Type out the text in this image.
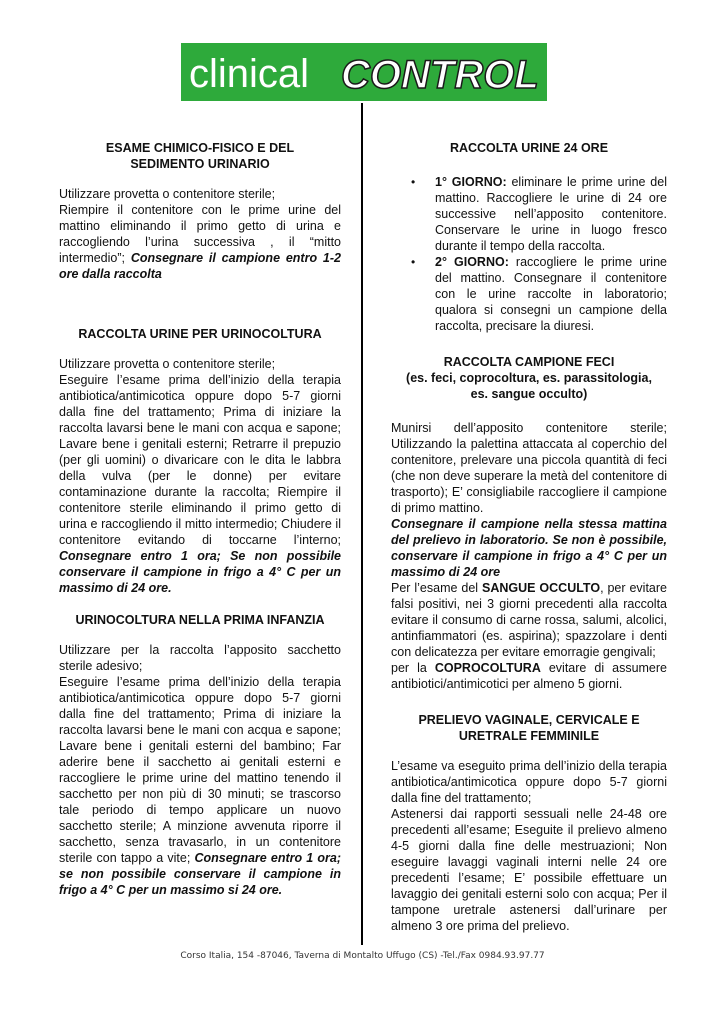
clinical CONTROL

ESAME CHIMICO-FISICO E DEL SEDIMENTO URINARIO

Utilizzare provetta o contenitore sterile;

Riempire il contenitore con le prime urine del mattino eliminando il primo getto di urina e raccogliendo l’urina successiva , il “mitto intermedio”; Consegnare il campione entro 1-2 ore dalla raccolta

RACCOLTA URINE PER URINOCOLTURA

Utilizzare provetta o contenitore sterile;

Eseguire l’esame prima dell’inizio della terapia antibiotica/antimicotica oppure dopo 5-7 giorni dalla fine del trattamento; Prima di iniziare la raccolta lavarsi bene le mani con acqua e sapone; Lavare bene i genitali esterni; Retrarre il prepuzio (per gli uomini) o divaricare con le dita le labbra della vulva (per le donne) per evitare contaminazione durante la raccolta; Riempire il contenitore sterile eliminando il primo getto di urina e raccogliendo il mitto intermedio; Chiudere il contenitore evitando di toccarne l’interno; Consegnare entro 1 ora; Se non possibile conservare il campione in frigo a 4° C per un massimo di 24 ore.

URINOCOLTURA NELLA PRIMA INFANZIA

Utilizzare per la raccolta l’apposito sacchetto sterile adesivo;

Eseguire l’esame prima dell’inizio della terapia antibiotica/antimicotica oppure dopo 5-7 giorni dalla fine del trattamento; Prima di iniziare la raccolta lavarsi bene le mani con acqua e sapone; Lavare bene i genitali esterni del bambino; Far aderire bene il sacchetto ai genitali esterni e raccogliere le prime urine del mattino tenendo il sacchetto per non più di 30 minuti; se trascorso tale periodo di tempo applicare un nuovo sacchetto sterile; A minzione avvenuta riporre il sacchetto, senza travasarlo, in un contenitore sterile con tappo a vite; Consegnare entro 1 ora; se non possibile conservare il campione in frigo a 4° C per un massimo si 24 ore.

RACCOLTA URINE 24 ORE

• 1° GIORNO: eliminare le prime urine del mattino. Raccogliere le urine di 24 ore successive nell’apposito contenitore. Conservare le urine in luogo fresco durante il tempo della raccolta.
• 2° GIORNO: raccogliere le prime urine del mattino. Consegnare il contenitore con le urine raccolte in laboratorio; qualora si consegni un campione della raccolta, precisare la diuresi.

RACCOLTA CAMPIONE FECI

(es. feci, coprocoltura, es. parassitologia, es. sangue occulto)

Munirsi dell’apposito contenitore sterile; Utilizzando la palettina attaccata al coperchio del contenitore, prelevare una piccola quantità di feci (che non deve superare la metà del contenitore di trasporto); E’ consigliabile raccogliere il campione di primo mattino.

Consegnare il campione nella stessa mattina del prelievo in laboratorio. Se non è possibile, conservare il campione in frigo a 4° C per un massimo di 24 ore

Per l’esame del SANGUE OCCULTO, per evitare falsi positivi, nei 3 giorni precedenti alla raccolta evitare il consumo di carne rossa, salumi, alcolici, antinfiammatori (es. aspirina); spazzolare i denti con delicatezza per evitare emorragie gengivali;

per la COPROCOLTURA evitare di assumere antibiotici/antimicotici per almeno 5 giorni.

PRELIEVO VAGINALE, CERVICALE E URETRALE FEMMINILE

L’esame va eseguito prima dell’inizio della terapia antibiotica/antimicotica oppure dopo 5-7 giorni dalla fine del trattamento;

Astenersi dai rapporti sessuali nelle 24-48 ore precedenti all’esame; Eseguite il prelievo almeno 4-5 giorni dalla fine delle mestruazioni; Non eseguire lavaggi vaginali interni nelle 24 ore precedenti l’esame; E’ possibile effettuare un lavaggio dei genitali esterni solo con acqua; Per il tampone uretrale astenersi dall’urinare per almeno 3 ore prima del prelievo.

Corso Italia, 154 -87046, Taverna di Montalto Uffugo (CS) -Tel./Fax 0984.93.97.77
